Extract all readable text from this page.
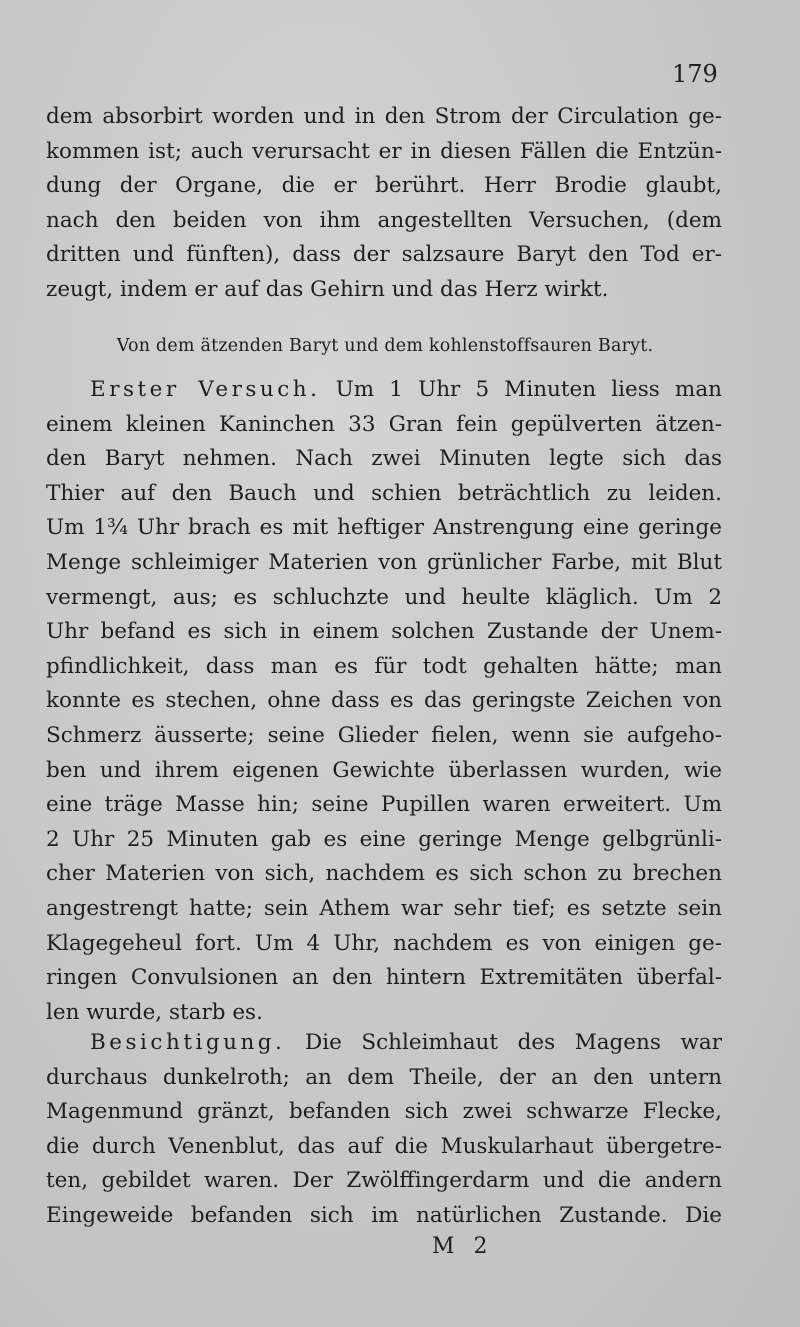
179
dem absorbirt worden und in den Strom der Circulation ge-
kommen ist; auch verursacht er in diesen Fällen die Entzün-
dung der Organe, die er berührt. Herr Brodie glaubt,
nach den beiden von ihm angestellten Versuchen, (dem
dritten und fünften), dass der salzsaure Baryt den Tod er-
zeugt, indem er auf das Gehirn und das Herz wirkt.
Von dem ätzenden Baryt und dem kohlenstoffsauren Baryt.
Erster Versuch. Um 1 Uhr 5 Minuten liess man
einem kleinen Kaninchen 33 Gran fein gepülverten ätzen-
den Baryt nehmen. Nach zwei Minuten legte sich das
Thier auf den Bauch und schien beträchtlich zu leiden.
Um 1¾ Uhr brach es mit heftiger Anstrengung eine geringe
Menge schleimiger Materien von grünlicher Farbe, mit Blut
vermengt, aus; es schluchzte und heulte kläglich. Um 2
Uhr befand es sich in einem solchen Zustande der Unem-
pfindlichkeit, dass man es für todt gehalten hätte; man
konnte es stechen, ohne dass es das geringste Zeichen von
Schmerz äusserte; seine Glieder fielen, wenn sie aufgeho-
ben und ihrem eigenen Gewichte überlassen wurden, wie
eine träge Masse hin; seine Pupillen waren erweitert. Um
2 Uhr 25 Minuten gab es eine geringe Menge gelbgrünli-
cher Materien von sich, nachdem es sich schon zu brechen
angestrengt hatte; sein Athem war sehr tief; es setzte sein
Klagegeheul fort. Um 4 Uhr, nachdem es von einigen ge-
ringen Convulsionen an den hintern Extremitäten überfal-
len wurde, starb es.
Besichtigung. Die Schleimhaut des Magens war
durchaus dunkelroth; an dem Theile, der an den untern
Magenmund gränzt, befanden sich zwei schwarze Flecke,
die durch Venenblut, das auf die Muskularhaut übergetre-
ten, gebildet waren. Der Zwölffingerdarm und die andern
Eingeweide befanden sich im natürlichen Zustande. Die
M 2
